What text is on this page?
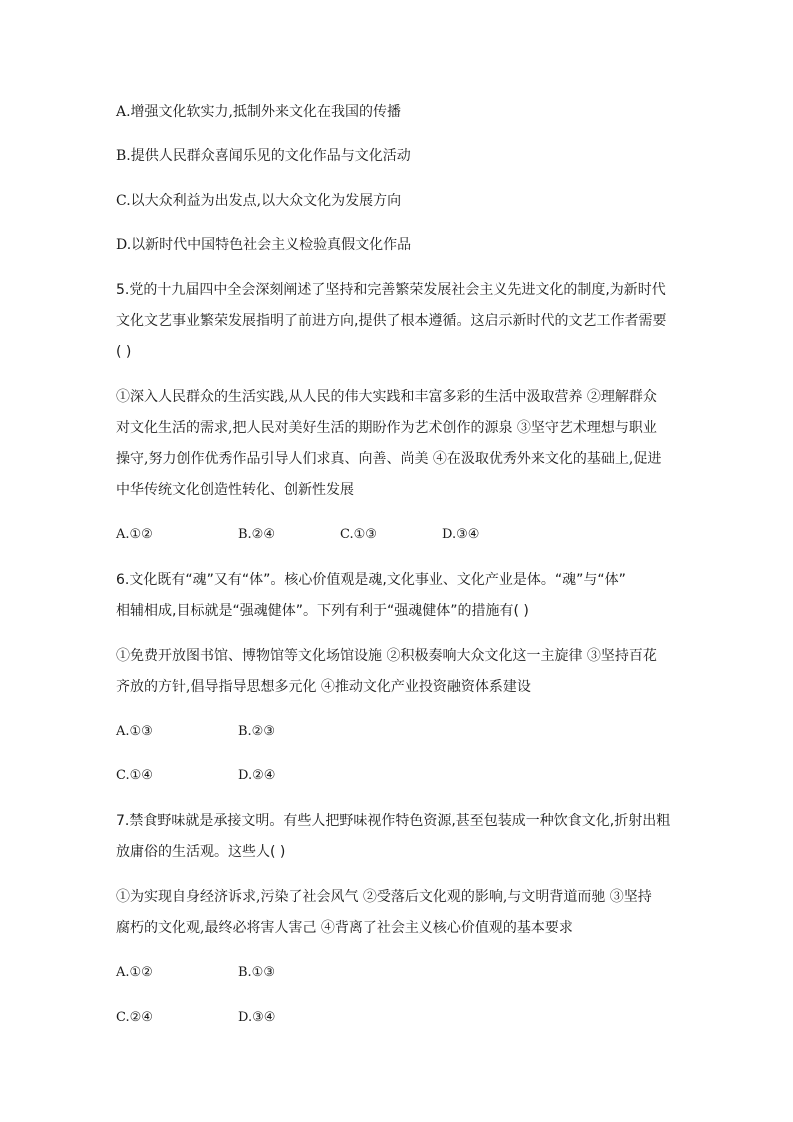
A.增强文化软实力,抵制外来文化在我国的传播
B.提供人民群众喜闻乐见的文化作品与文化活动
C.以大众利益为出发点,以大众文化为发展方向
D.以新时代中国特色社会主义检验真假文化作品
5.党的十九届四中全会深刻阐述了坚持和完善繁荣发展社会主义先进文化的制度,为新时代
文化文艺事业繁荣发展指明了前进方向,提供了根本遵循。这启示新时代的文艺工作者需要
( )
①深入人民群众的生活实践,从人民的伟大实践和丰富多彩的生活中汲取营养 ②理解群众
对文化生活的需求,把人民对美好生活的期盼作为艺术创作的源泉 ③坚守艺术理想与职业
操守,努力创作优秀作品引导人们求真、向善、尚美 ④在汲取优秀外来文化的基础上,促进
中华传统文化创造性转化、创新性发展
A.①②	B.②④	C.①③	D.③④
6.文化既有“魂”又有“体”。核心价值观是魂,文化事业、文化产业是体。“魂”与“体”
相辅相成,目标就是“强魂健体”。下列有利于“强魂健体”的措施有( )
①免费开放图书馆、博物馆等文化场馆设施 ②积极奏响大众文化这一主旋律 ③坚持百花
齐放的方针,倡导指导思想多元化 ④推动文化产业投资融资体系建设
A.①③	B.②③
C.①④	D.②④
7.禁食野味就是承接文明。有些人把野味视作特色资源,甚至包装成一种饮食文化,折射出粗
放庸俗的生活观。这些人( )
①为实现自身经济诉求,污染了社会风气 ②受落后文化观的影响,与文明背道而驰 ③坚持
腐朽的文化观,最终必将害人害己 ④背离了社会主义核心价值观的基本要求
A.①②	B.①③
C.②④	D.③④
